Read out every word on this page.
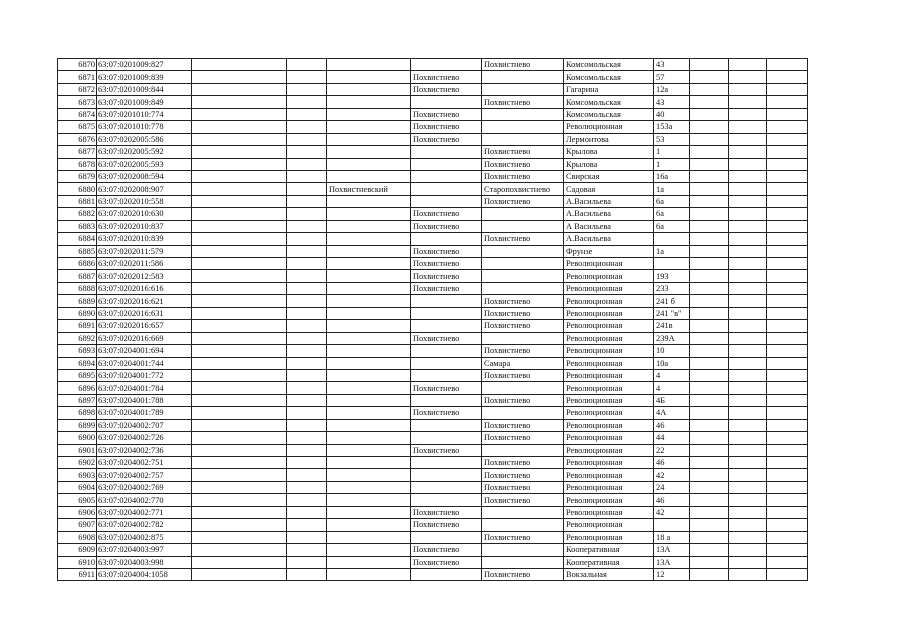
6870	63:07:0201009:827					Похвистнево	Комсомольская	43			
6871	63:07:0201009:839				Похвистнево		Комсомольская	57			
6872	63:07:0201009:844				Похвистнево		Гагарина	12а			
6873	63:07:0201009:849					Похвистнево	Комсомольская	43			
6874	63:07:0201010:774				Похвистнево		Комсомольская	40			
6875	63:07:0201010:778				Похвистнево		Революционная	153а			
6876	63:07:0202005:586				Похвистнево		Лермонтова	53			
6877	63:07:0202005:592					Похвистнево	Крылова	1			
6878	63:07:0202005:593					Похвистнево	Крылова	1			
6879	63:07:0202008:594					Похвистнево	Свирская	16а			
6880	63:07:0202008:907			Похвистневский		Старопохвистнево	Садовая	1а			
6881	63:07:0202010:558					Похвистнево	А.Васильева	6а			
6882	63:07:0202010:630				Похвистнево		А.Васильева	6а			
6883	63:07:0202010:837				Похвистнево		А Васильева	6а			
6884	63:07:0202010:839					Похвистнево	А.Васильева				
6885	63:07:0202011:579				Похвистнево		Фрунзе	1а			
6886	63:07:0202011:586				Похвистнево		Революционная				
6887	63:07:0202012:583				Похвистнево		Революционная	193			
6888	63:07:0202016:616				Похвистнево		Революционная	233			
6889	63:07:0202016:621					Похвистнево	Революционная	241 б			
6890	63:07:0202016:631					Похвистнево	Революционная	241 "в"			
6891	63:07:0202016:657					Похвистнево	Революционная	241в			
6892	63:07:0202016:669				Похвистнево		Революционная	239А			
6893	63:07:0204001:694					Похвистнево	Революционная	10			
6894	63:07:0204001:744					Самара	Революционная	10а			
6895	63:07:0204001:772					Похвистнево	Революционная	4			
6896	63:07:0204001:784				Похвистнево		Революционная	4			
6897	63:07:0204001:788					Похвистнево	Революционная	4Б			
6898	63:07:0204001:789				Похвистнево		Революционная	4А			
6899	63:07:0204002:707					Похвистнево	Революционная	46			
6900	63:07:0204002:726					Похвистнево	Революционная	44			
6901	63:07:0204002:736				Похвистнево		Революционная	22			
6902	63:07:0204002:751					Похвистнево	Революционная	46			
6903	63:07:0204002:757					Похвистнево	Революционная	42			
6904	63:07:0204002:769					Похвистнево	Революционная	24			
6905	63:07:0204002:770					Похвистнево	Революционная	46			
6906	63:07:0204002:771				Похвистнево		Революционная	42			
6907	63:07:0204002:782				Похвистнево		Революционная				
6908	63:07:0204002:875					Похвистнево	Революционная	18 а			
6909	63:07:0204003:997				Похвистнево		Кооперативная	13А			
6910	63:07:0204003:998				Похвистнево		Кооперативная	13А			
6911	63:07:0204004:1058					Похвистнево	Вокзальная	12			
